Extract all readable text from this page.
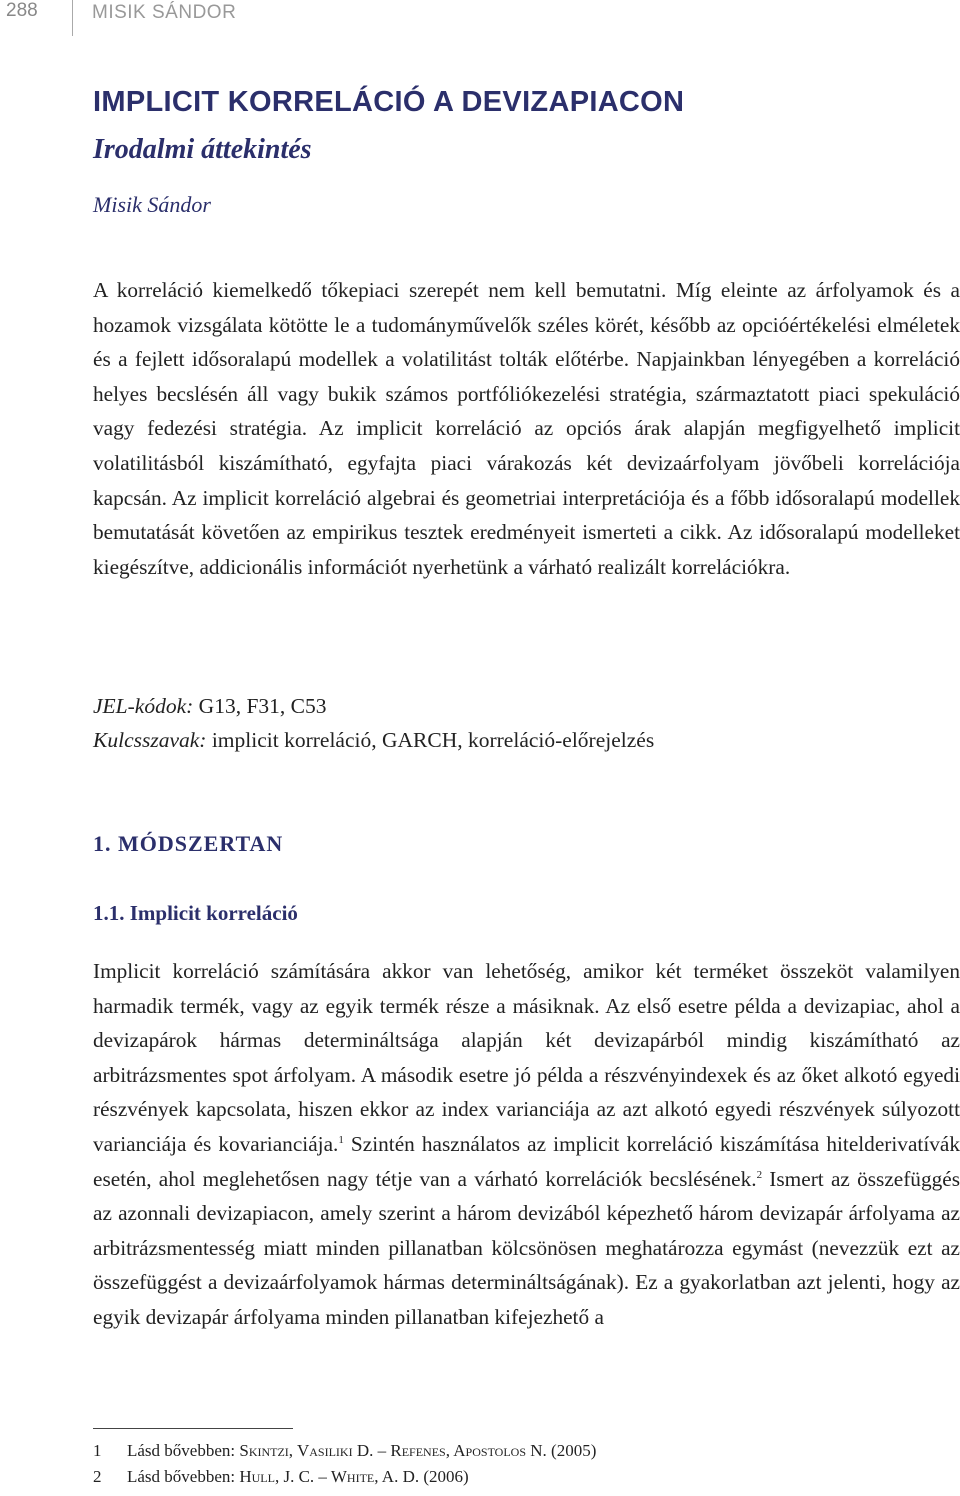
288	MISIK SÁNDOR
IMPLICIT KORRELÁCIÓ A DEVIZAPIACON
Irodalmi áttekintés

Misik Sándor

A korreláció kiemelkedő tőkepiaci szerepét nem kell bemutatni. Míg eleinte az árfolyamok és a hozamok vizsgálata kötötte le a tudományművelők széles körét, később az opcióértékelési elméletek és a fejlett idősoralapú modellek a volatilitást tolták előtérbe. Napjainkban lényegében a korreláció helyes becslésén áll vagy bukik számos portfóliókezelési stratégia, származtatott piaci spekuláció vagy fedezési stratégia. Az implicit korreláció az opciós árak alapján megfigyelhető implicit volatilitásból kiszámítható, egyfajta piaci várakozás két devizaárfolyam jövőbeli korrelációja kapcsán. Az implicit korreláció algebrai és geometriai interpretációja és a főbb idősoralapú modellek bemutatását követően az empirikus tesztek eredményeit ismerteti a cikk. Az idősoralapú modelleket kiegészítve, addicionális információt nyerhetünk a várható realizált korrelációkra.

JEL-kódok: G13, F31, C53

Kulcsszavak: implicit korreláció, GARCH, korreláció-előrejelzés

1. MÓDSZERTAN
1.1. Implicit korreláció

Implicit korreláció számítására akkor van lehetőség, amikor két terméket összeköt valamilyen harmadik termék, vagy az egyik termék része a másiknak. Az első esetre példa a devizapiac, ahol a devizapárok hármas determináltsága alapján két devizapárból mindig kiszámítható az arbitrázsmentes spot árfolyam. A második esetre jó példa a részvényindexek és az őket alkotó egyedi részvények kapcsolata, hiszen ekkor az index varianciája az azt alkotó egyedi részvények súlyozott varianciája és kovarianciája.$^1$ Szintén használatos az implicit korreláció kiszámítása hitelderivatívák esetén, ahol meglehetősen nagy tétje van a várható korrelációk becslésének.$^2$ Ismert az összefüggés az azonnali devizapiacon, amely szerint a három devizából képezhető három devizapár árfolyama az arbitrázsmentesség miatt minden pillanatban kölcsönösen meghatározza egymást (nevezzük ezt az összefüggést a devizaárfolyamok hármas determináltságának). Ez a gyakorlatban azt jelenti, hogy az egyik devizapár árfolyama minden pillanatban kifejezhető a

1 Lásd bővebben: Skintzi, Vasiliki D. – Refenes, Apostolos N. (2005)

2 Lásd bővebben: Hull, J. C. – White, A. D. (2006)
